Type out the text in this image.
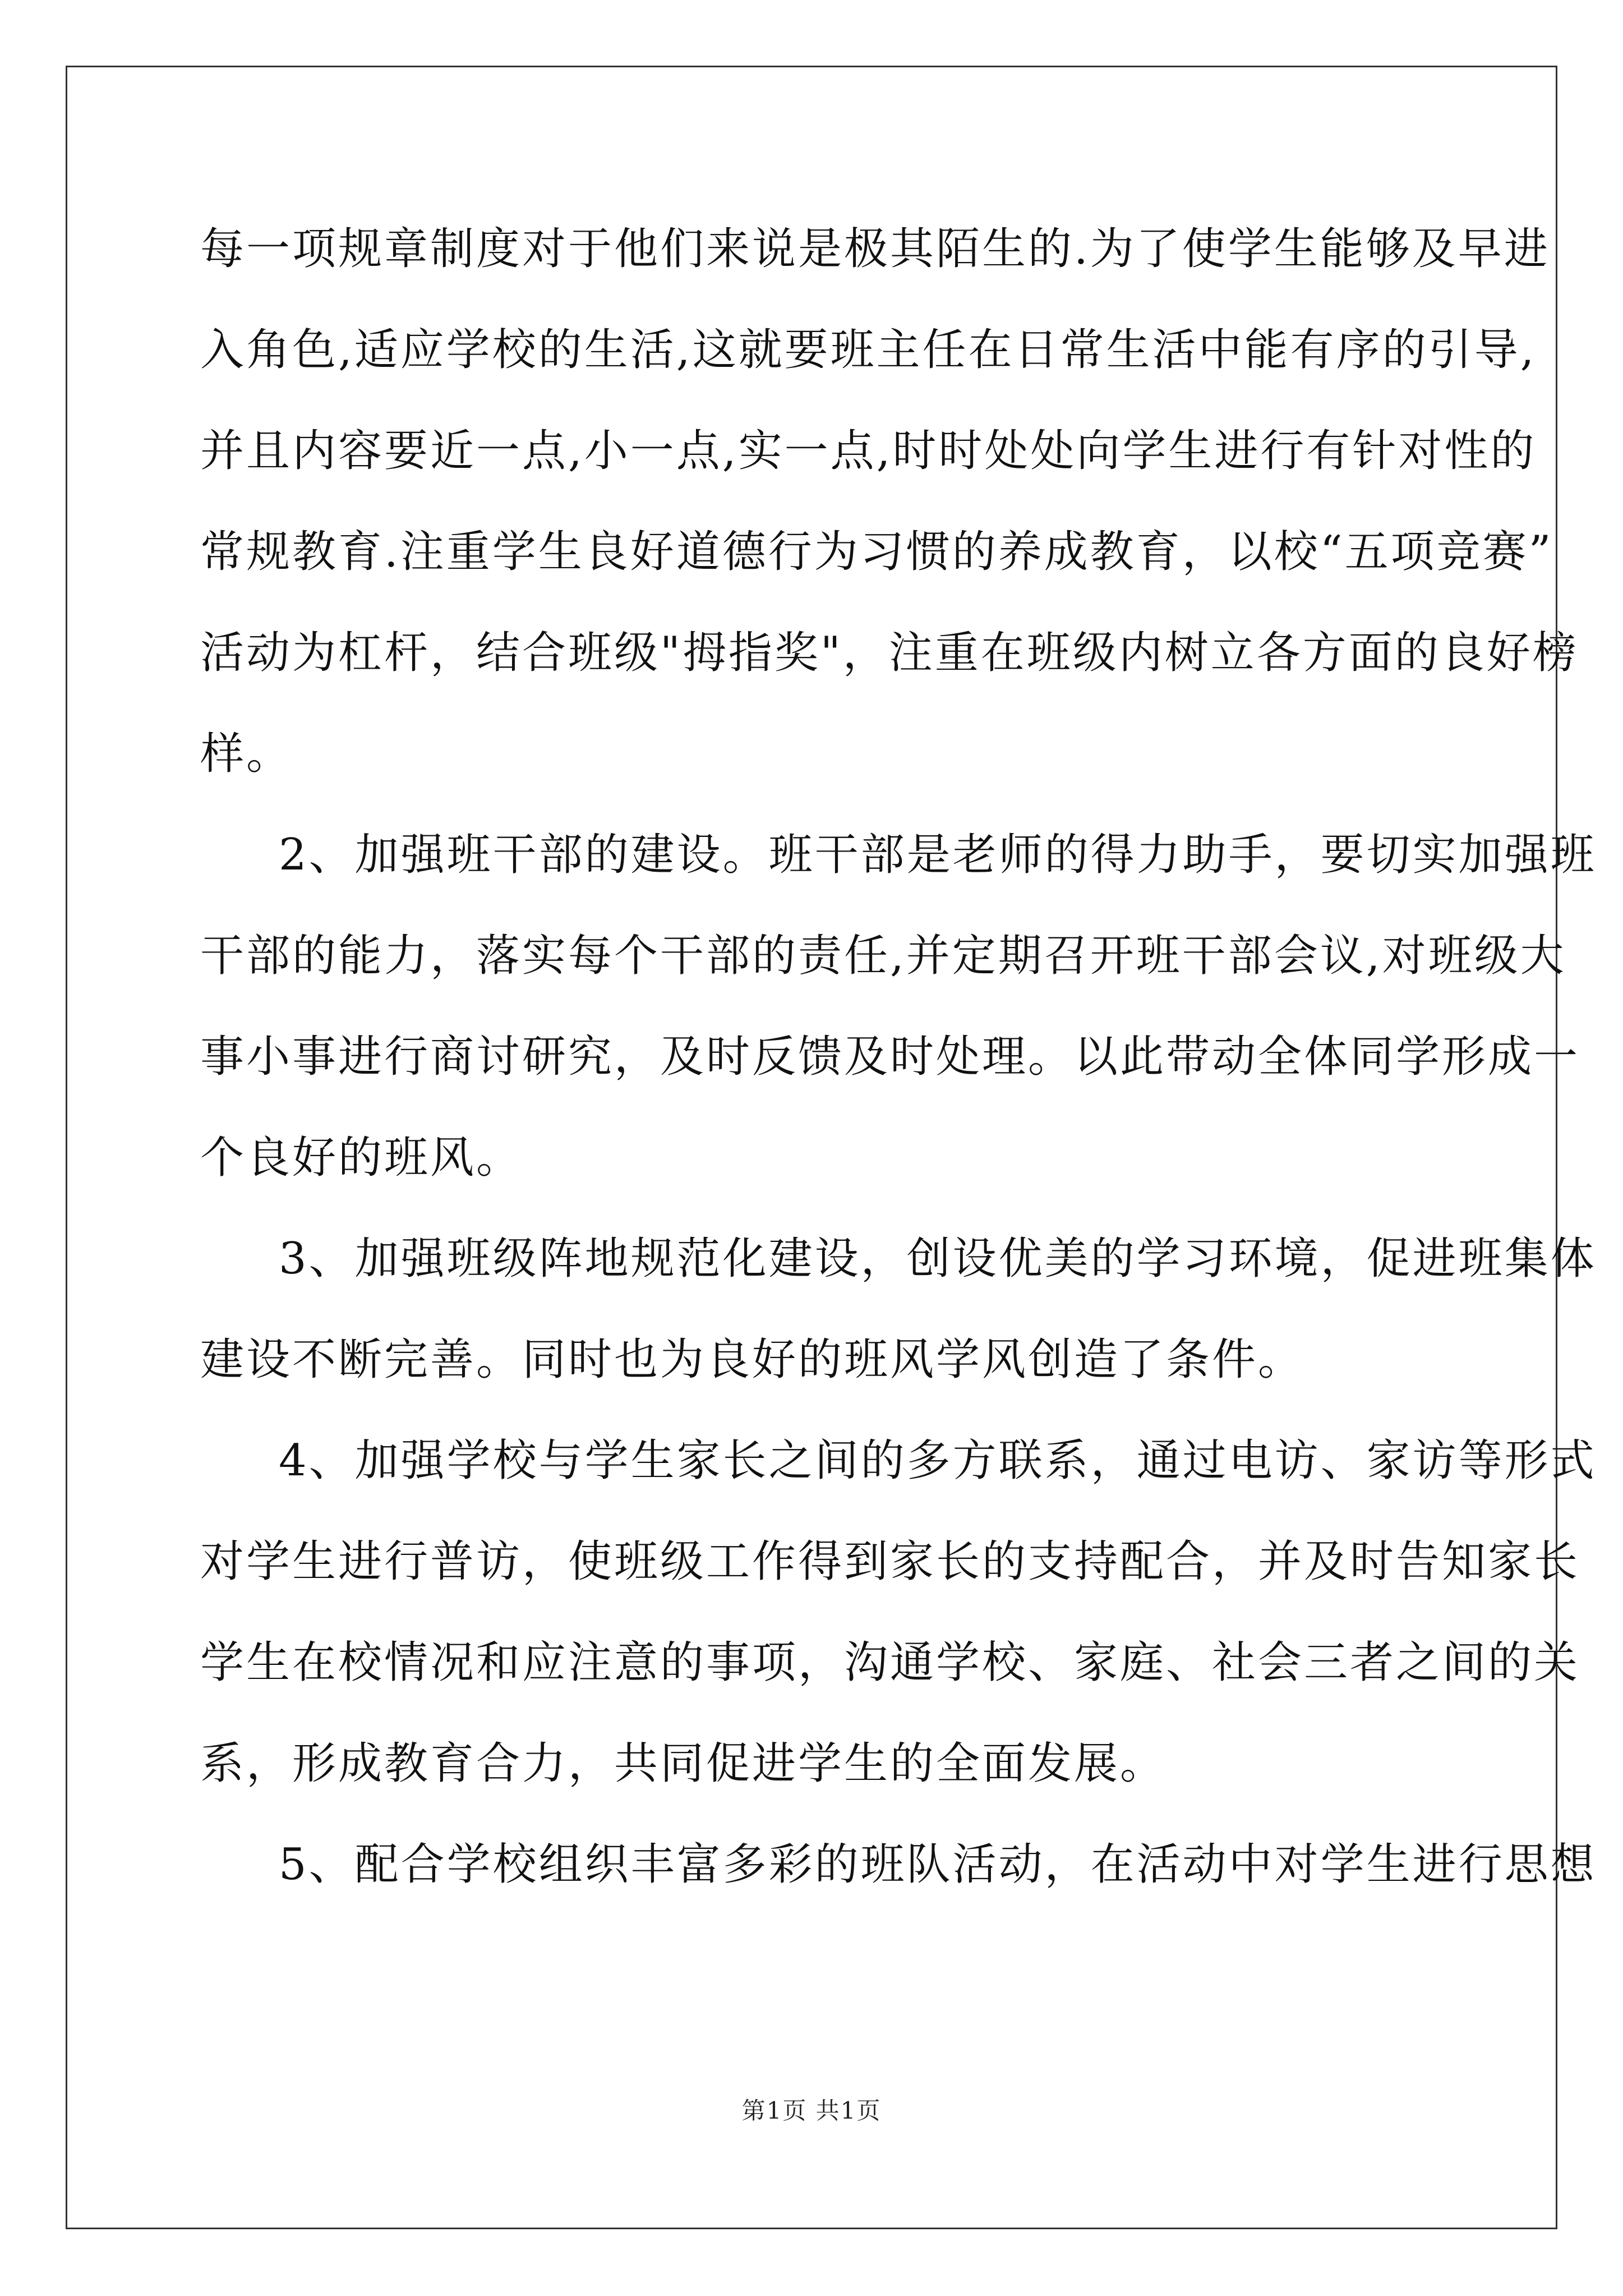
每一项规章制度对于他们来说是极其陌生的.为了使学生能够及早进
入角色,适应学校的生活,这就要班主任在日常生活中能有序的引导,
并且内容要近一点,小一点,实一点,时时处处向学生进行有针对性的
常规教育.注重学生良好道德行为习惯的养成教育，以校“五项竞赛”
活动为杠杆，结合班级"拇指奖"，注重在班级内树立各方面的良好榜
样。
2、加强班干部的建设。班干部是老师的得力助手，要切实加强班
干部的能力，落实每个干部的责任,并定期召开班干部会议,对班级大
事小事进行商讨研究，及时反馈及时处理。以此带动全体同学形成一
个良好的班风。
3、加强班级阵地规范化建设，创设优美的学习环境，促进班集体
建设不断完善。同时也为良好的班风学风创造了条件。
4、加强学校与学生家长之间的多方联系，通过电访、家访等形式
对学生进行普访，使班级工作得到家长的支持配合，并及时告知家长
学生在校情况和应注意的事项，沟通学校、家庭、社会三者之间的关
系，形成教育合力，共同促进学生的全面发展。
5、配合学校组织丰富多彩的班队活动，在活动中对学生进行思想
第1页 共1页
